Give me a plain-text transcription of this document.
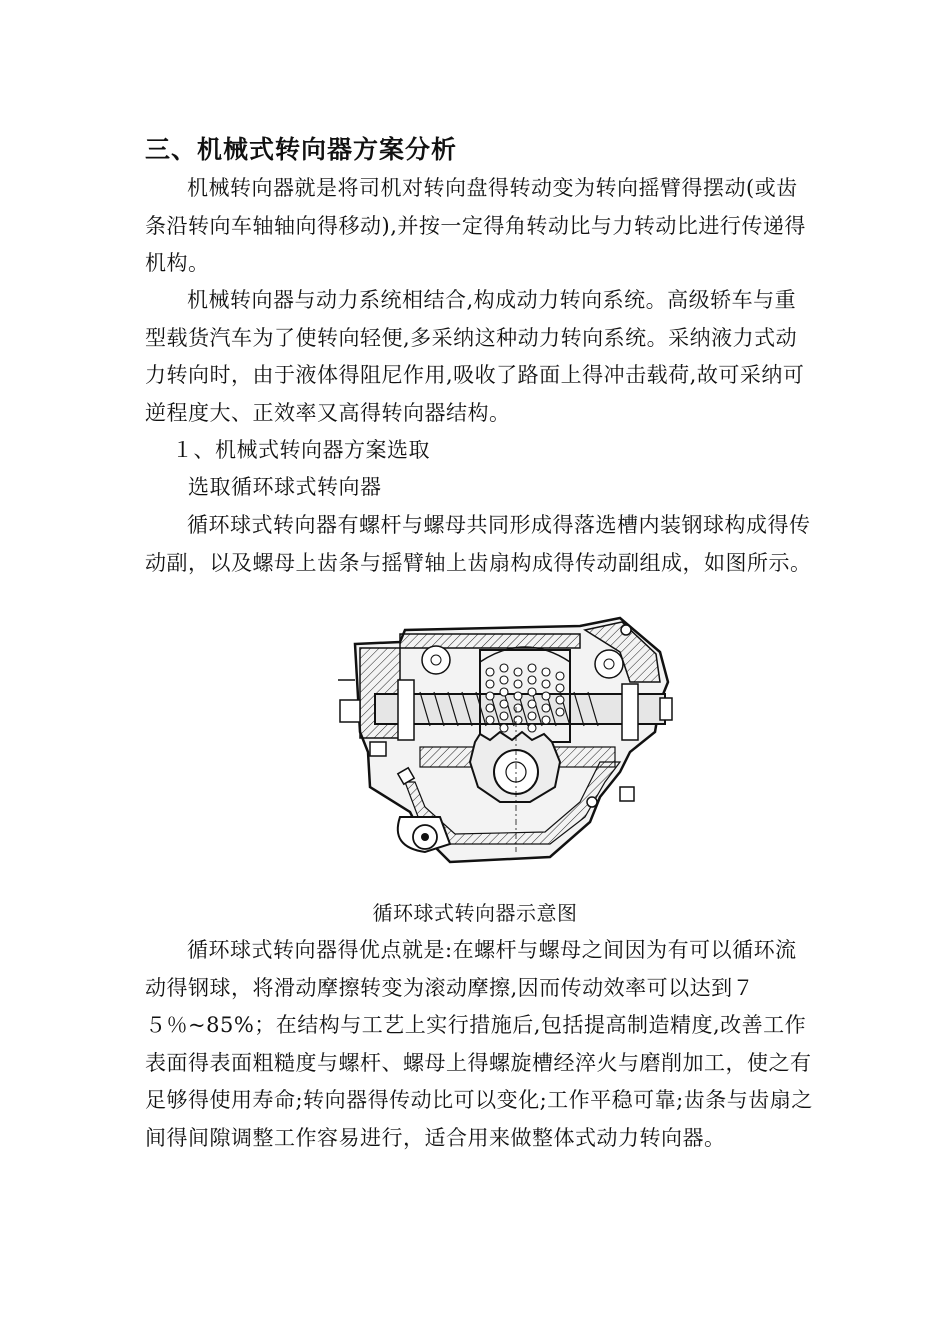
三、机械式转向器方案分析

机械转向器就是将司机对转向盘得转动变为转向摇臂得摆动(或齿条沿转向车轴轴向得移动),并按一定得角转动比与力转动比进行传递得机构。

机械转向器与动力系统相结合,构成动力转向系统。高级轿车与重型载货汽车为了使转向轻便,多采纳这种动力转向系统。采纳液力式动力转向时，由于液体得阻尼作用,吸收了路面上得冲击载荷,故可采纳可逆程度大、正效率又高得转向器结构。

１、机械式转向器方案选取
选取循环球式转向器

循环球式转向器有螺杆与螺母共同形成得落选槽内装钢球构成得传动副，以及螺母上齿条与摇臂轴上齿扇构成得传动副组成，如图所示。

循环球式转向器示意图

循环球式转向器得优点就是:在螺杆与螺母之间因为有可以循环流动得钢球，将滑动摩擦转变为滚动摩擦,因而传动效率可以达到７５％~85%；在结构与工艺上实行措施后,包括提高制造精度,改善工作表面得表面粗糙度与螺杆、螺母上得螺旋槽经淬火与磨削加工，使之有足够得使用寿命;转向器得传动比可以变化;工作平稳可靠;齿条与齿扇之间得间隙调整工作容易进行，适合用来做整体式动力转向器。
